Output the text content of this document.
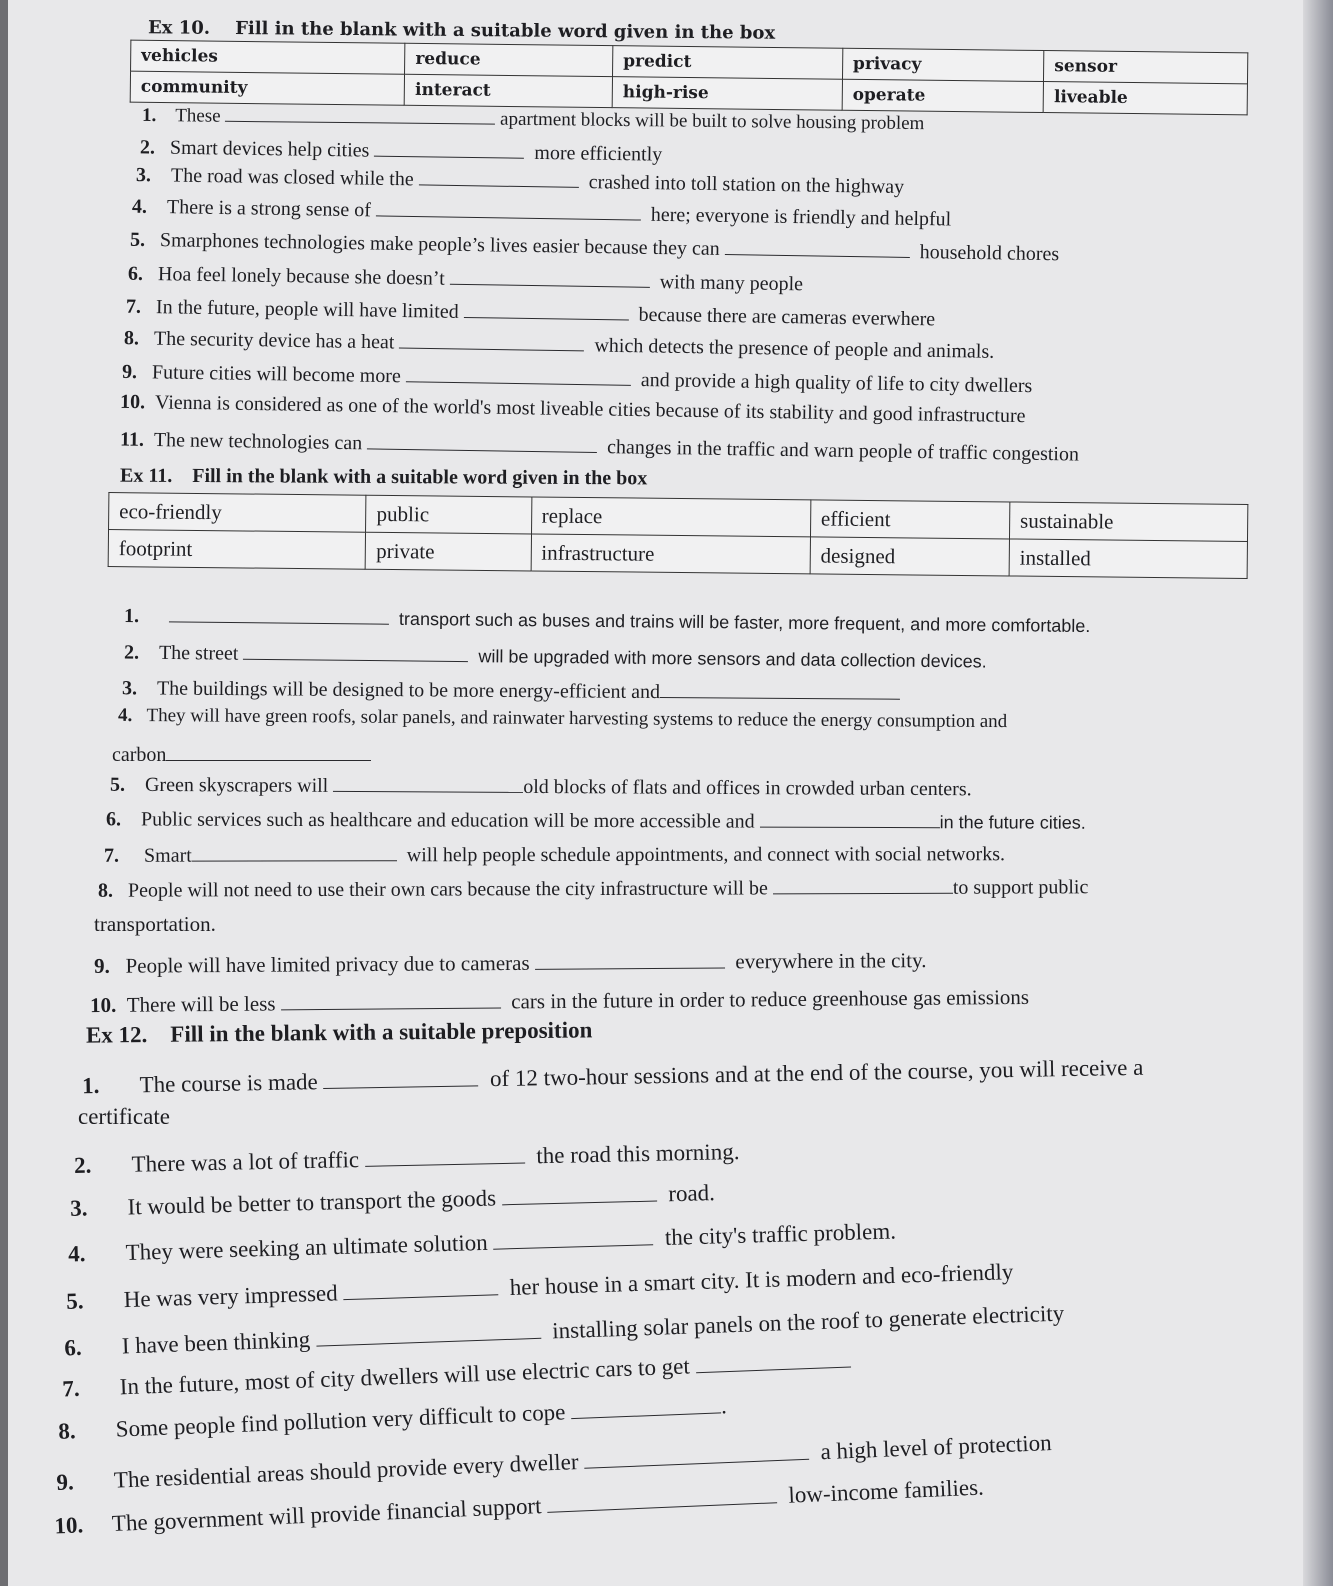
Ex 10. Fill in the blank with a suitable word given in the box
vehicles	reduce	predict	privacy	sensor
community	interact	high-rise	operate	liveable
1. These	apartment blocks will be built to solve housing problem
2. Smart devices help cities	more efficiently
3. The road was closed while the	crashed into toll station on the highway
4. There is a strong sense of	here; everyone is friendly and helpful
5. Smarphones technologies make people’s lives easier because they can	household chores
6. Hoa feel lonely because she doesn’t	with many people
7. In the future, people will have limited	because there are cameras everwhere
8. The security device has a heat	which detects the presence of people and animals.
9. Future cities will become more	and provide a high quality of life to city dwellers
10. Vienna is considered as one of the world's most liveable cities because of its stability and good infrastructure
11. The new technologies can	changes in the traffic and warn people of traffic congestion
Ex 11. Fill in the blank with a suitable word given in the box
eco-friendly	public	replace	efficient	sustainable
footprint	private	infrastructure	designed	installed
1.	transport such as buses and trains will be faster, more frequent, and more comfortable.
2. The street	will be upgraded with more sensors and data collection devices.
3. The buildings will be designed to be more energy-efficient and
4. They will have green roofs, solar panels, and rainwater harvesting systems to reduce the energy consumption and
carbon
5. Green skyscrapers will	old blocks of flats and offices in crowded urban centers.
6. Public services such as healthcare and education will be more accessible and	in the future cities.
7. Smart	will help people schedule appointments, and connect with social networks.
8. People will not need to use their own cars because the city infrastructure will be	to support public
transportation.
9. People will have limited privacy due to cameras	everywhere in the city.
10. There will be less	cars in the future in order to reduce greenhouse gas emissions
Ex 12. Fill in the blank with a suitable preposition
1. The course is made	of 12 two-hour sessions and at the end of the course, you will receive a
certificate
2. There was a lot of traffic	the road this morning.
3. It would be better to transport the goods	road.
4. They were seeking an ultimate solution	the city's traffic problem.
5. He was very impressed	her house in a smart city. It is modern and eco-friendly
6. I have been thinking	installing solar panels on the roof to generate electricity
7. In the future, most of city dwellers will use electric cars to get
8. Some people find pollution very difficult to cope	.
9. The residential areas should provide every dweller   a high level of protection
10. The government will provide financial support   low-income families.
